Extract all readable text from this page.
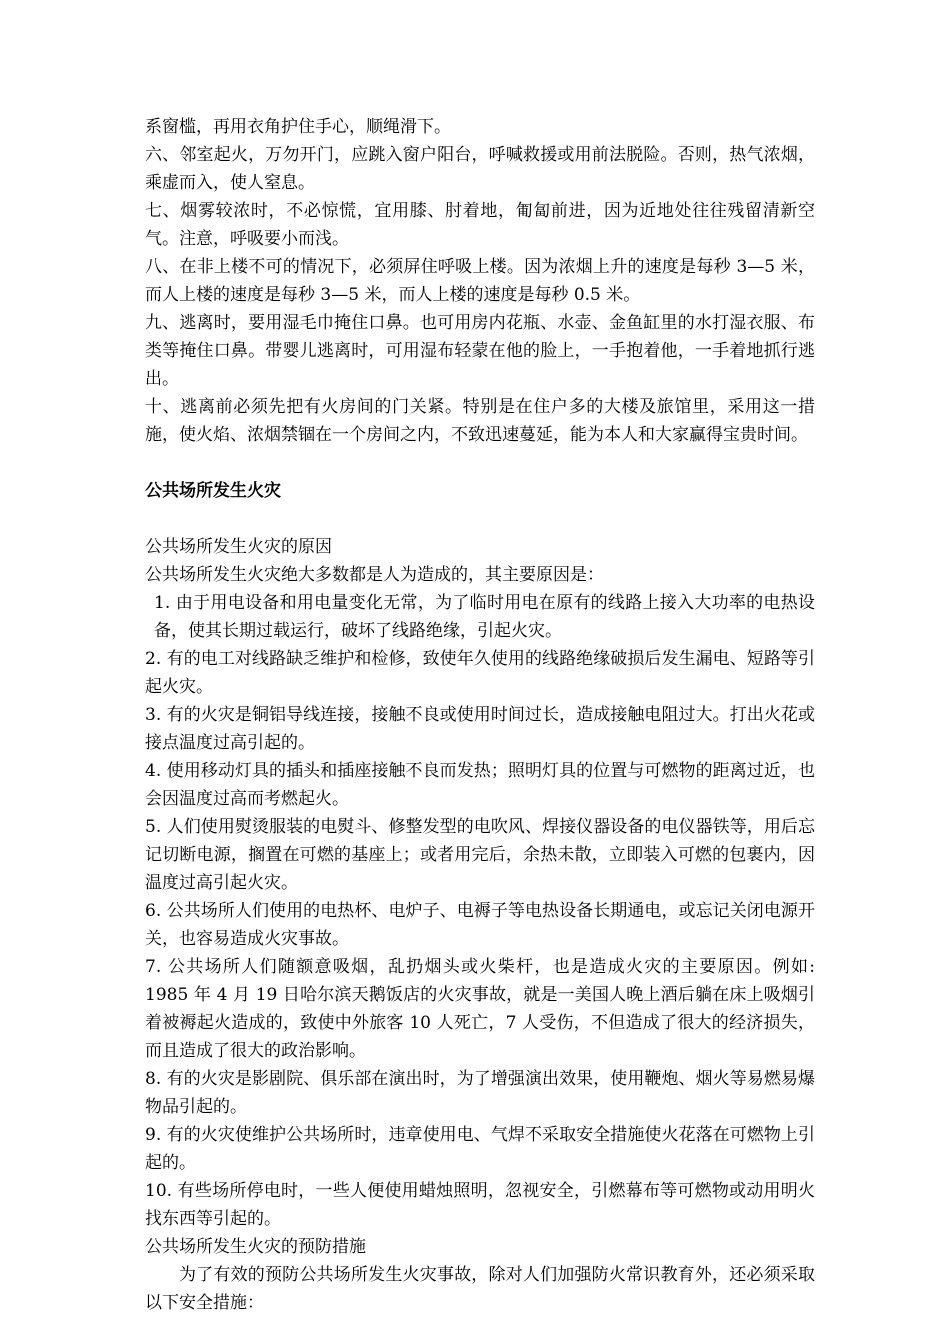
系窗槛，再用衣角护住手心，顺绳滑下。

六、邻室起火，万勿开门，应跳入窗户阳台，呼喊救援或用前法脱险。否则，热气浓烟，乘虚而入，使人窒息。

七、烟雾较浓时，不必惊慌，宜用膝、肘着地，匍匐前进，因为近地处往往残留清新空气。注意，呼吸要小而浅。

八、在非上楼不可的情况下，必须屏住呼吸上楼。因为浓烟上升的速度是每秒 3—5 米，而人上楼的速度是每秒 3—5 米，而人上楼的速度是每秒 0.5 米。

九、逃离时，要用湿毛巾掩住口鼻。也可用房内花瓶、水壶、金鱼缸里的水打湿衣服、布类等掩住口鼻。带婴儿逃离时，可用湿布轻蒙在他的脸上，一手抱着他，一手着地抓行逃出。

十、逃离前必须先把有火房间的门关紧。特别是在住户多的大楼及旅馆里，采用这一措施，使火焰、浓烟禁锢在一个房间之内，不致迅速蔓延，能为本人和大家赢得宝贵时间。

公共场所发生火灾

公共场所发生火灾的原因

公共场所发生火灾绝大多数都是人为造成的，其主要原因是：

1. 由于用电设备和用电量变化无常，为了临时用电在原有的线路上接入大功率的电热设备，使其长期过载运行，破坏了线路绝缘，引起火灾。

2. 有的电工对线路缺乏维护和检修，致使年久使用的线路绝缘破损后发生漏电、短路等引起火灾。

3. 有的火灾是铜铝导线连接，接触不良或使用时间过长，造成接触电阻过大。打出火花或接点温度过高引起的。

4. 使用移动灯具的插头和插座接触不良而发热；照明灯具的位置与可燃物的距离过近，也会因温度过高而考燃起火。

5. 人们使用熨烫服装的电熨斗、修整发型的电吹风、焊接仪器设备的电仪器铁等，用后忘记切断电源，搁置在可燃的基座上；或者用完后，余热未散，立即装入可燃的包裹内，因温度过高引起火灾。

6. 公共场所人们使用的电热杯、电炉子、电褥子等电热设备长期通电，或忘记关闭电源开关，也容易造成火灾事故。

7. 公共场所人们随额意吸烟，乱扔烟头或火柴杆，也是造成火灾的主要原因。例如: 1985 年 4 月 19 日哈尔滨天鹅饭店的火灾事故，就是一美国人晚上酒后躺在床上吸烟引着被褥起火造成的，致使中外旅客 10 人死亡，7 人受伤，不但造成了很大的经济损失，而且造成了很大的政治影响。

8. 有的火灾是影剧院、俱乐部在演出时，为了增强演出效果，使用鞭炮、烟火等易燃易爆物品引起的。

9. 有的火灾使维护公共场所时，违章使用电、气焊不采取安全措施使火花落在可燃物上引起的。

10. 有些场所停电时，一些人便使用蜡烛照明，忽视安全，引燃幕布等可燃物或动用明火找东西等引起的。

公共场所发生火灾的预防措施

为了有效的预防公共场所发生火灾事故，除对人们加强防火常识教育外，还必须采取以下安全措施：
